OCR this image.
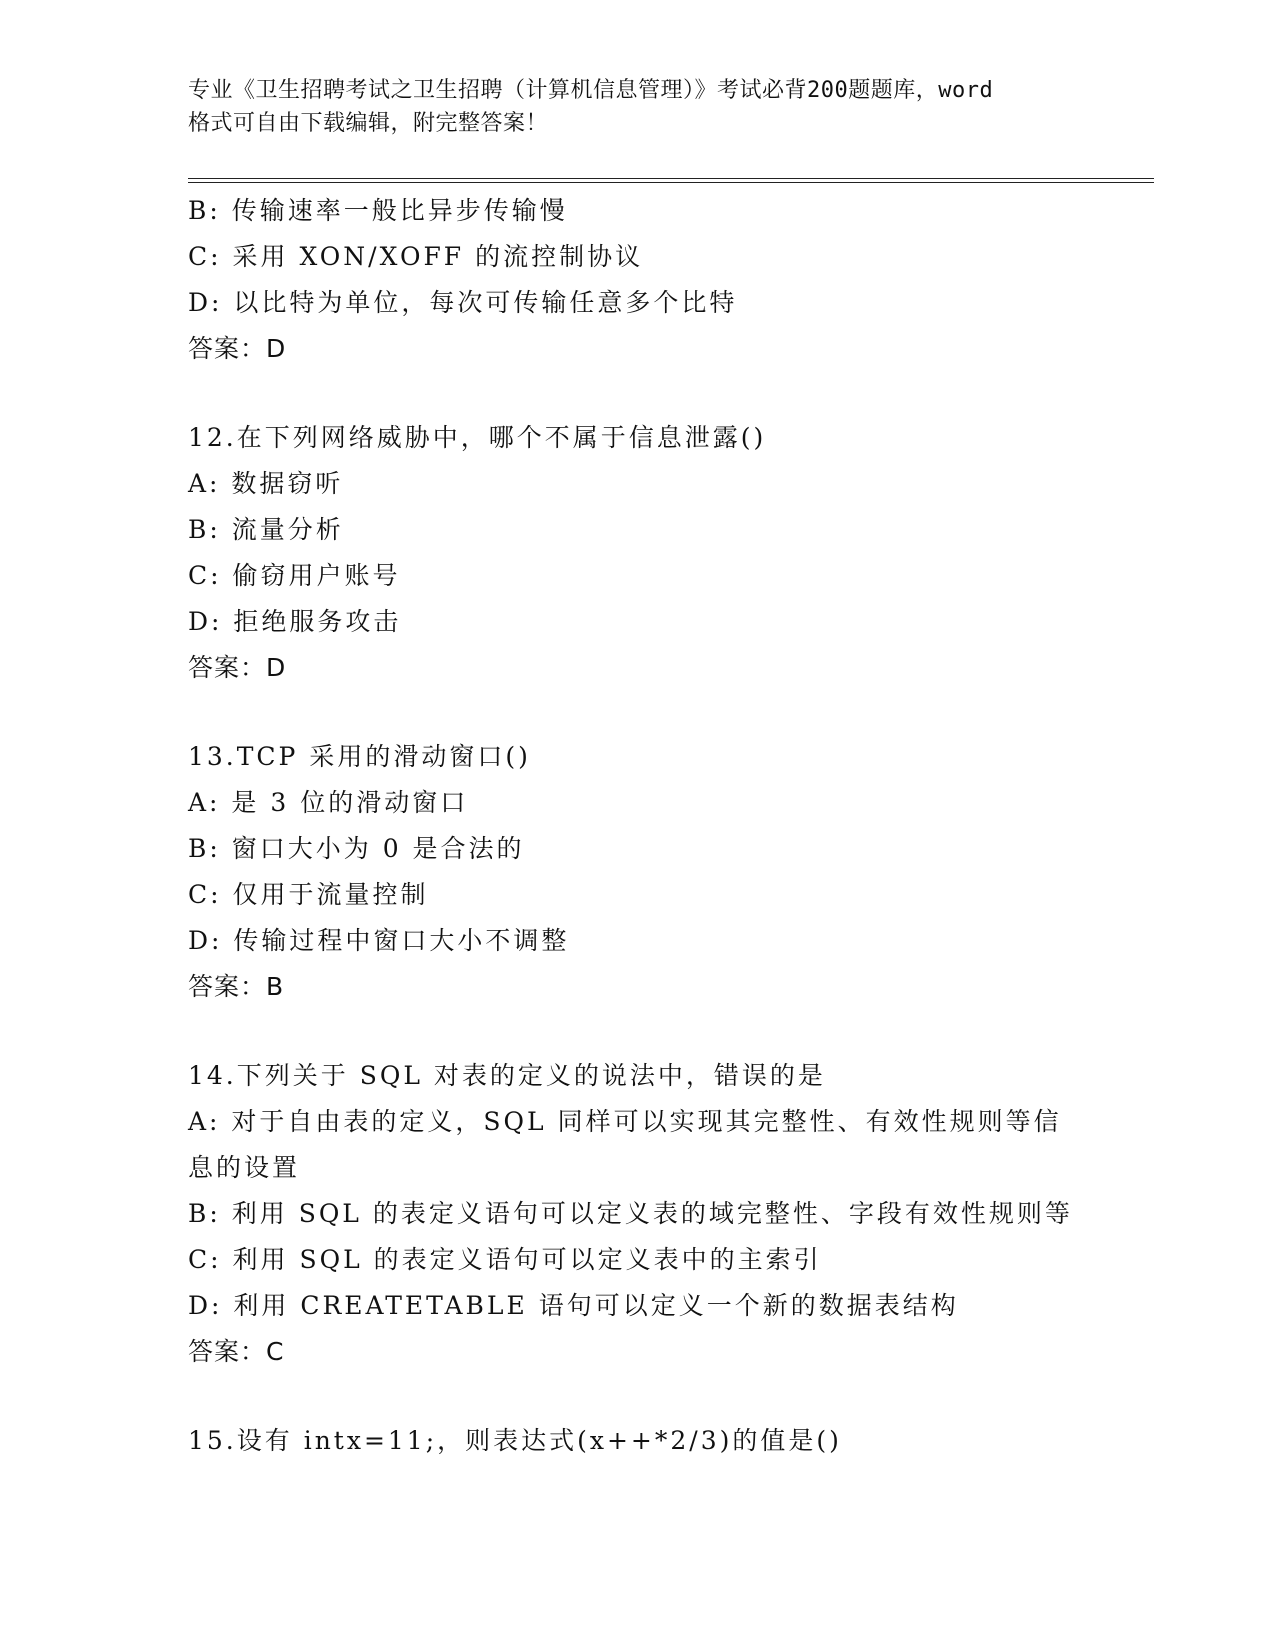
专业《卫生招聘考试之卫生招聘（计算机信息管理）》考试必背200题题库，word
格式可自由下载编辑，附完整答案！
B: 传输速率一般比异步传输慢
C: 采用 XON/XOFF 的流控制协议
D: 以比特为单位，每次可传输任意多个比特
答案：D
12.在下列网络威胁中，哪个不属于信息泄露()
A: 数据窃听
B: 流量分析
C: 偷窃用户账号
D: 拒绝服务攻击
答案：D
13.TCP 采用的滑动窗口()
A: 是 3 位的滑动窗口
B: 窗口大小为 0 是合法的
C: 仅用于流量控制
D: 传输过程中窗口大小不调整
答案：B
14.下列关于 SQL 对表的定义的说法中，错误的是
A: 对于自由表的定义，SQL 同样可以实现其完整性、有效性规则等信息的设置
B: 利用 SQL 的表定义语句可以定义表的域完整性、字段有效性规则等
C: 利用 SQL 的表定义语句可以定义表中的主索引
D: 利用 CREATETABLE 语句可以定义一个新的数据表结构
答案：C
15.设有 intx=11;，则表达式(x++*2/3)的值是()
